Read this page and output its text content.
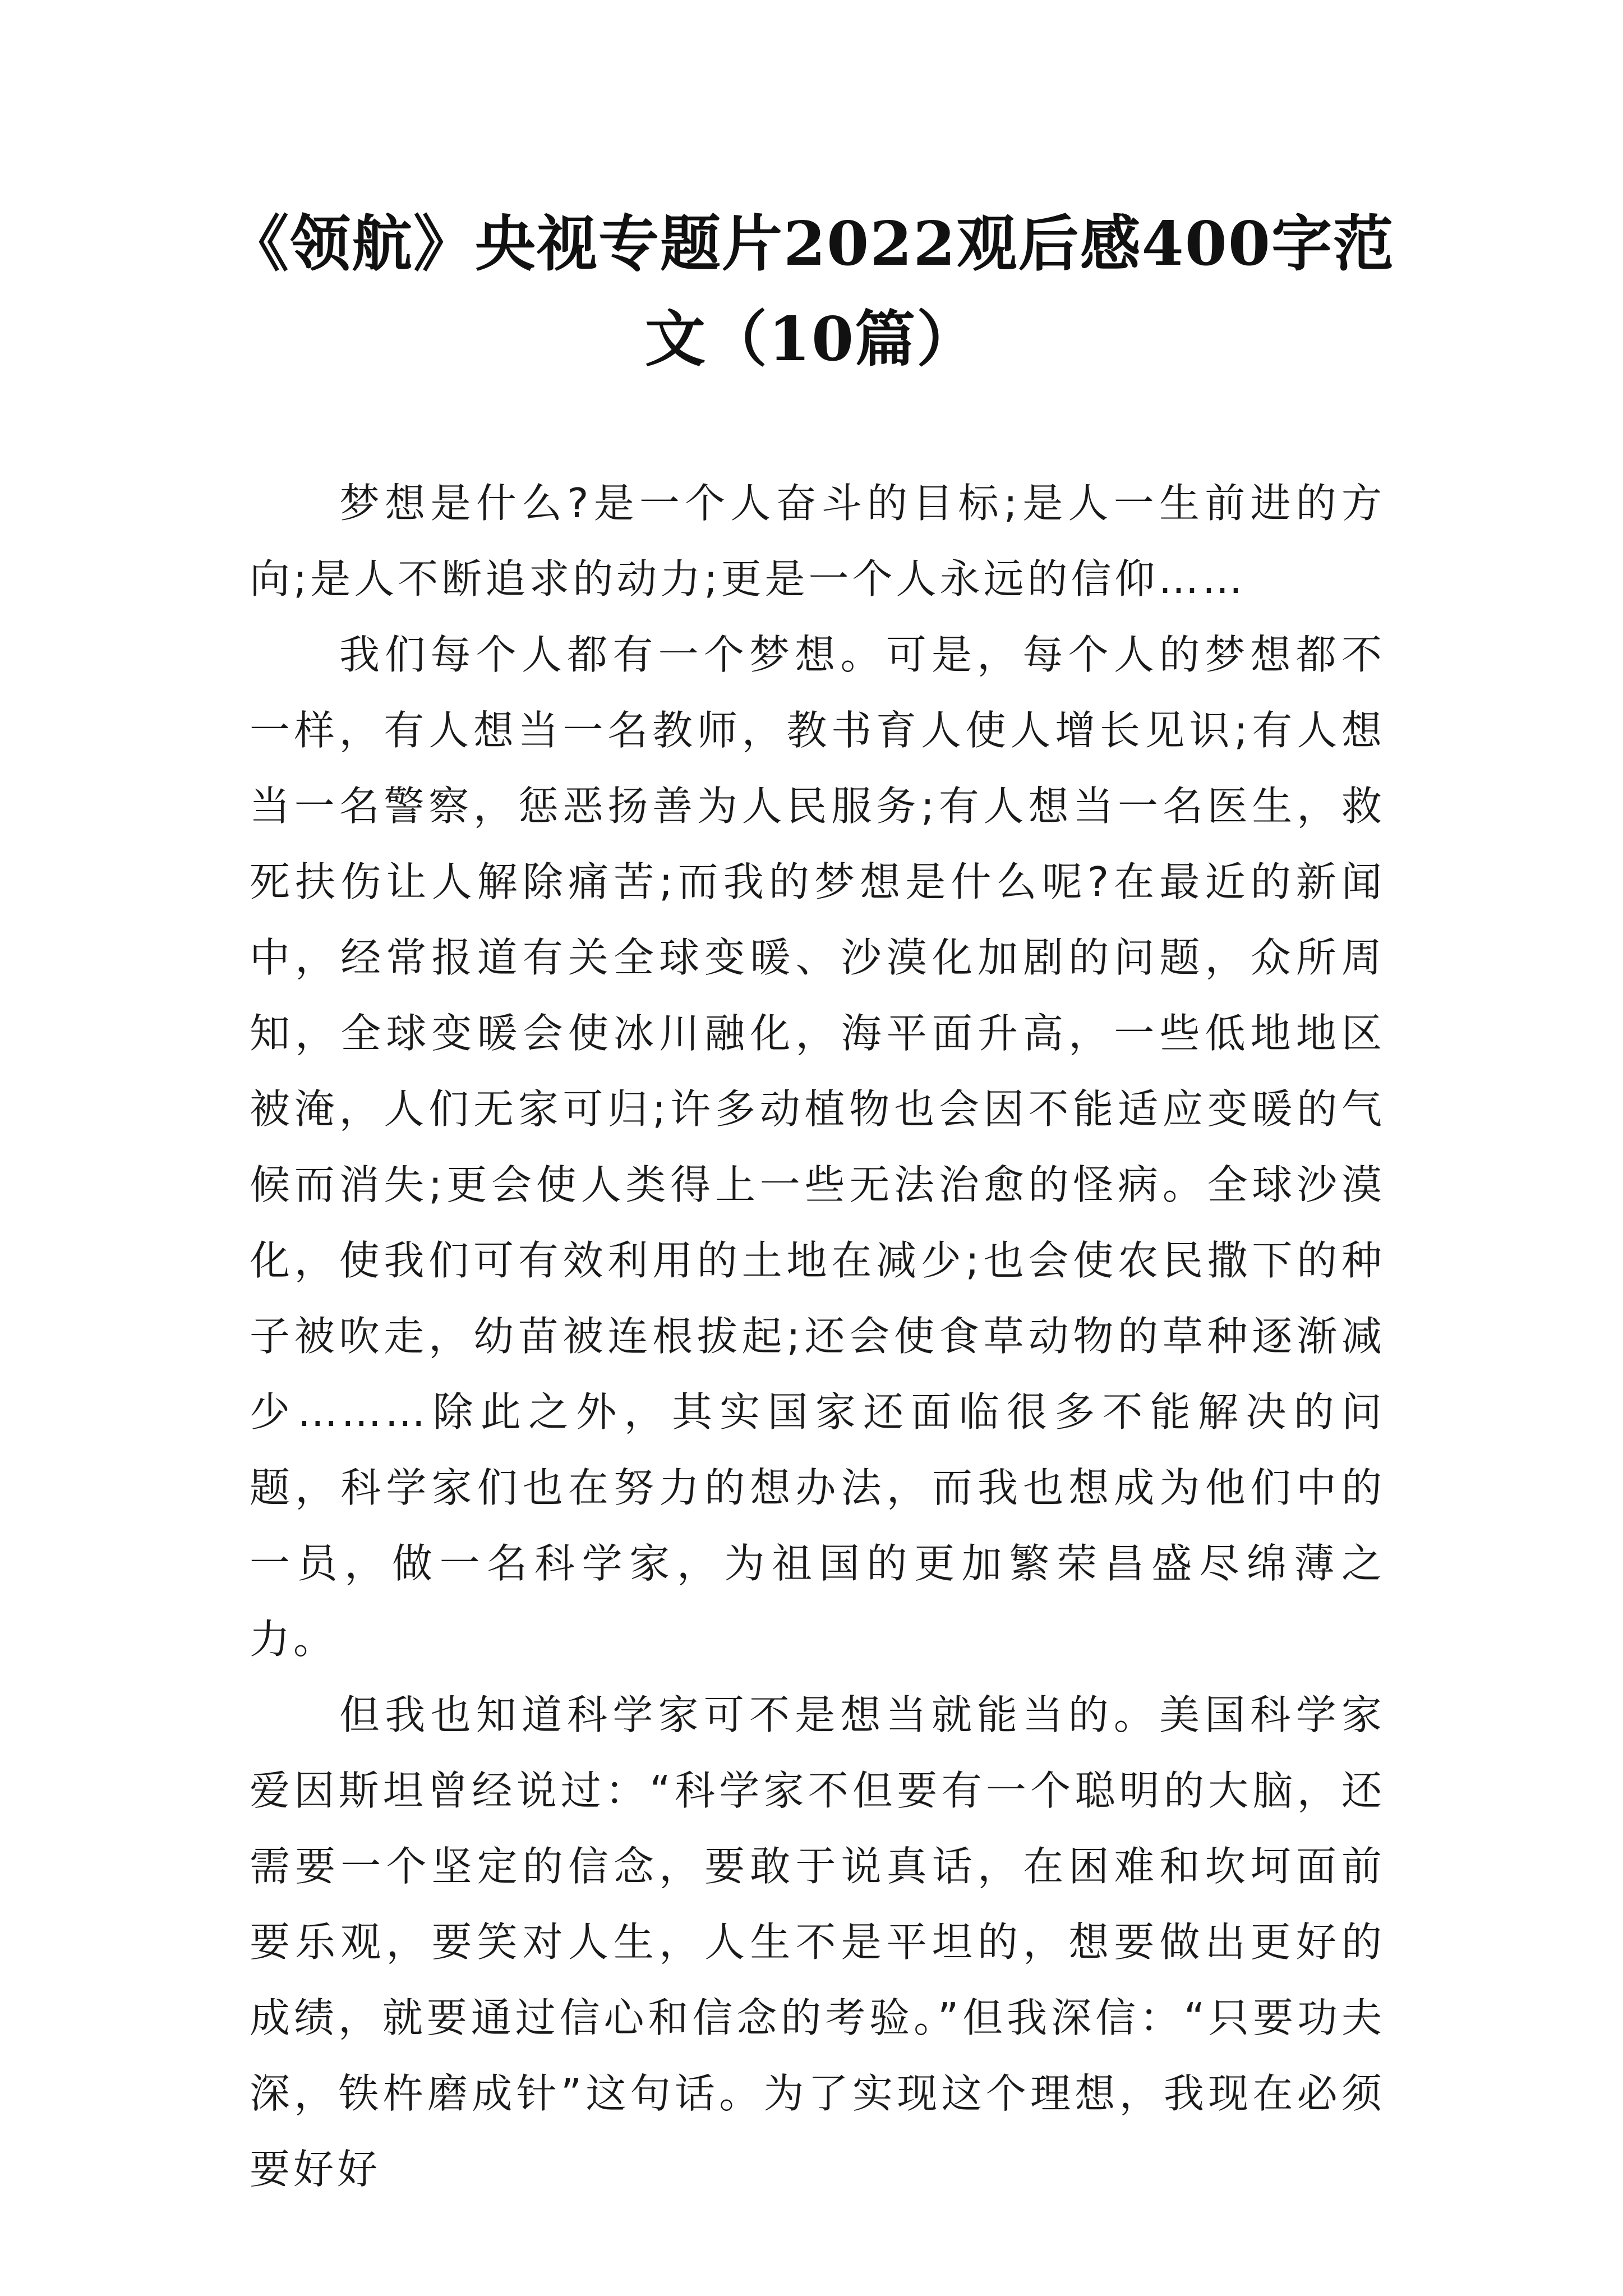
《领航》央视专题片2022观后感400字范文（10篇）

梦想是什么?是一个人奋斗的目标;是人一生前进的方向;是人不断追求的动力;更是一个人永远的信仰……

我们每个人都有一个梦想。可是，每个人的梦想都不一样，有人想当一名教师，教书育人使人增长见识;有人想当一名警察，惩恶扬善为人民服务;有人想当一名医生，救死扶伤让人解除痛苦;而我的梦想是什么呢?在最近的新闻中，经常报道有关全球变暖、沙漠化加剧的问题，众所周知，全球变暖会使冰川融化，海平面升高，一些低地地区被淹，人们无家可归;许多动植物也会因不能适应变暖的气候而消失;更会使人类得上一些无法治愈的怪病。全球沙漠化，使我们可有效利用的土地在减少;也会使农民撒下的种子被吹走，幼苗被连根拔起;还会使食草动物的草种逐渐减少………除此之外，其实国家还面临很多不能解决的问题，科学家们也在努力的想办法，而我也想成为他们中的一员，做一名科学家，为祖国的更加繁荣昌盛尽绵薄之力。

但我也知道科学家可不是想当就能当的。美国科学家爱因斯坦曾经说过：“科学家不但要有一个聪明的大脑，还需要一个坚定的信念，要敢于说真话，在困难和坎坷面前要乐观，要笑对人生，人生不是平坦的，想要做出更好的成绩，就要通过信心和信念的考验。”但我深信：“只要功夫深，铁杵磨成针”这句话。为了实现这个理想，我现在必须要好好
